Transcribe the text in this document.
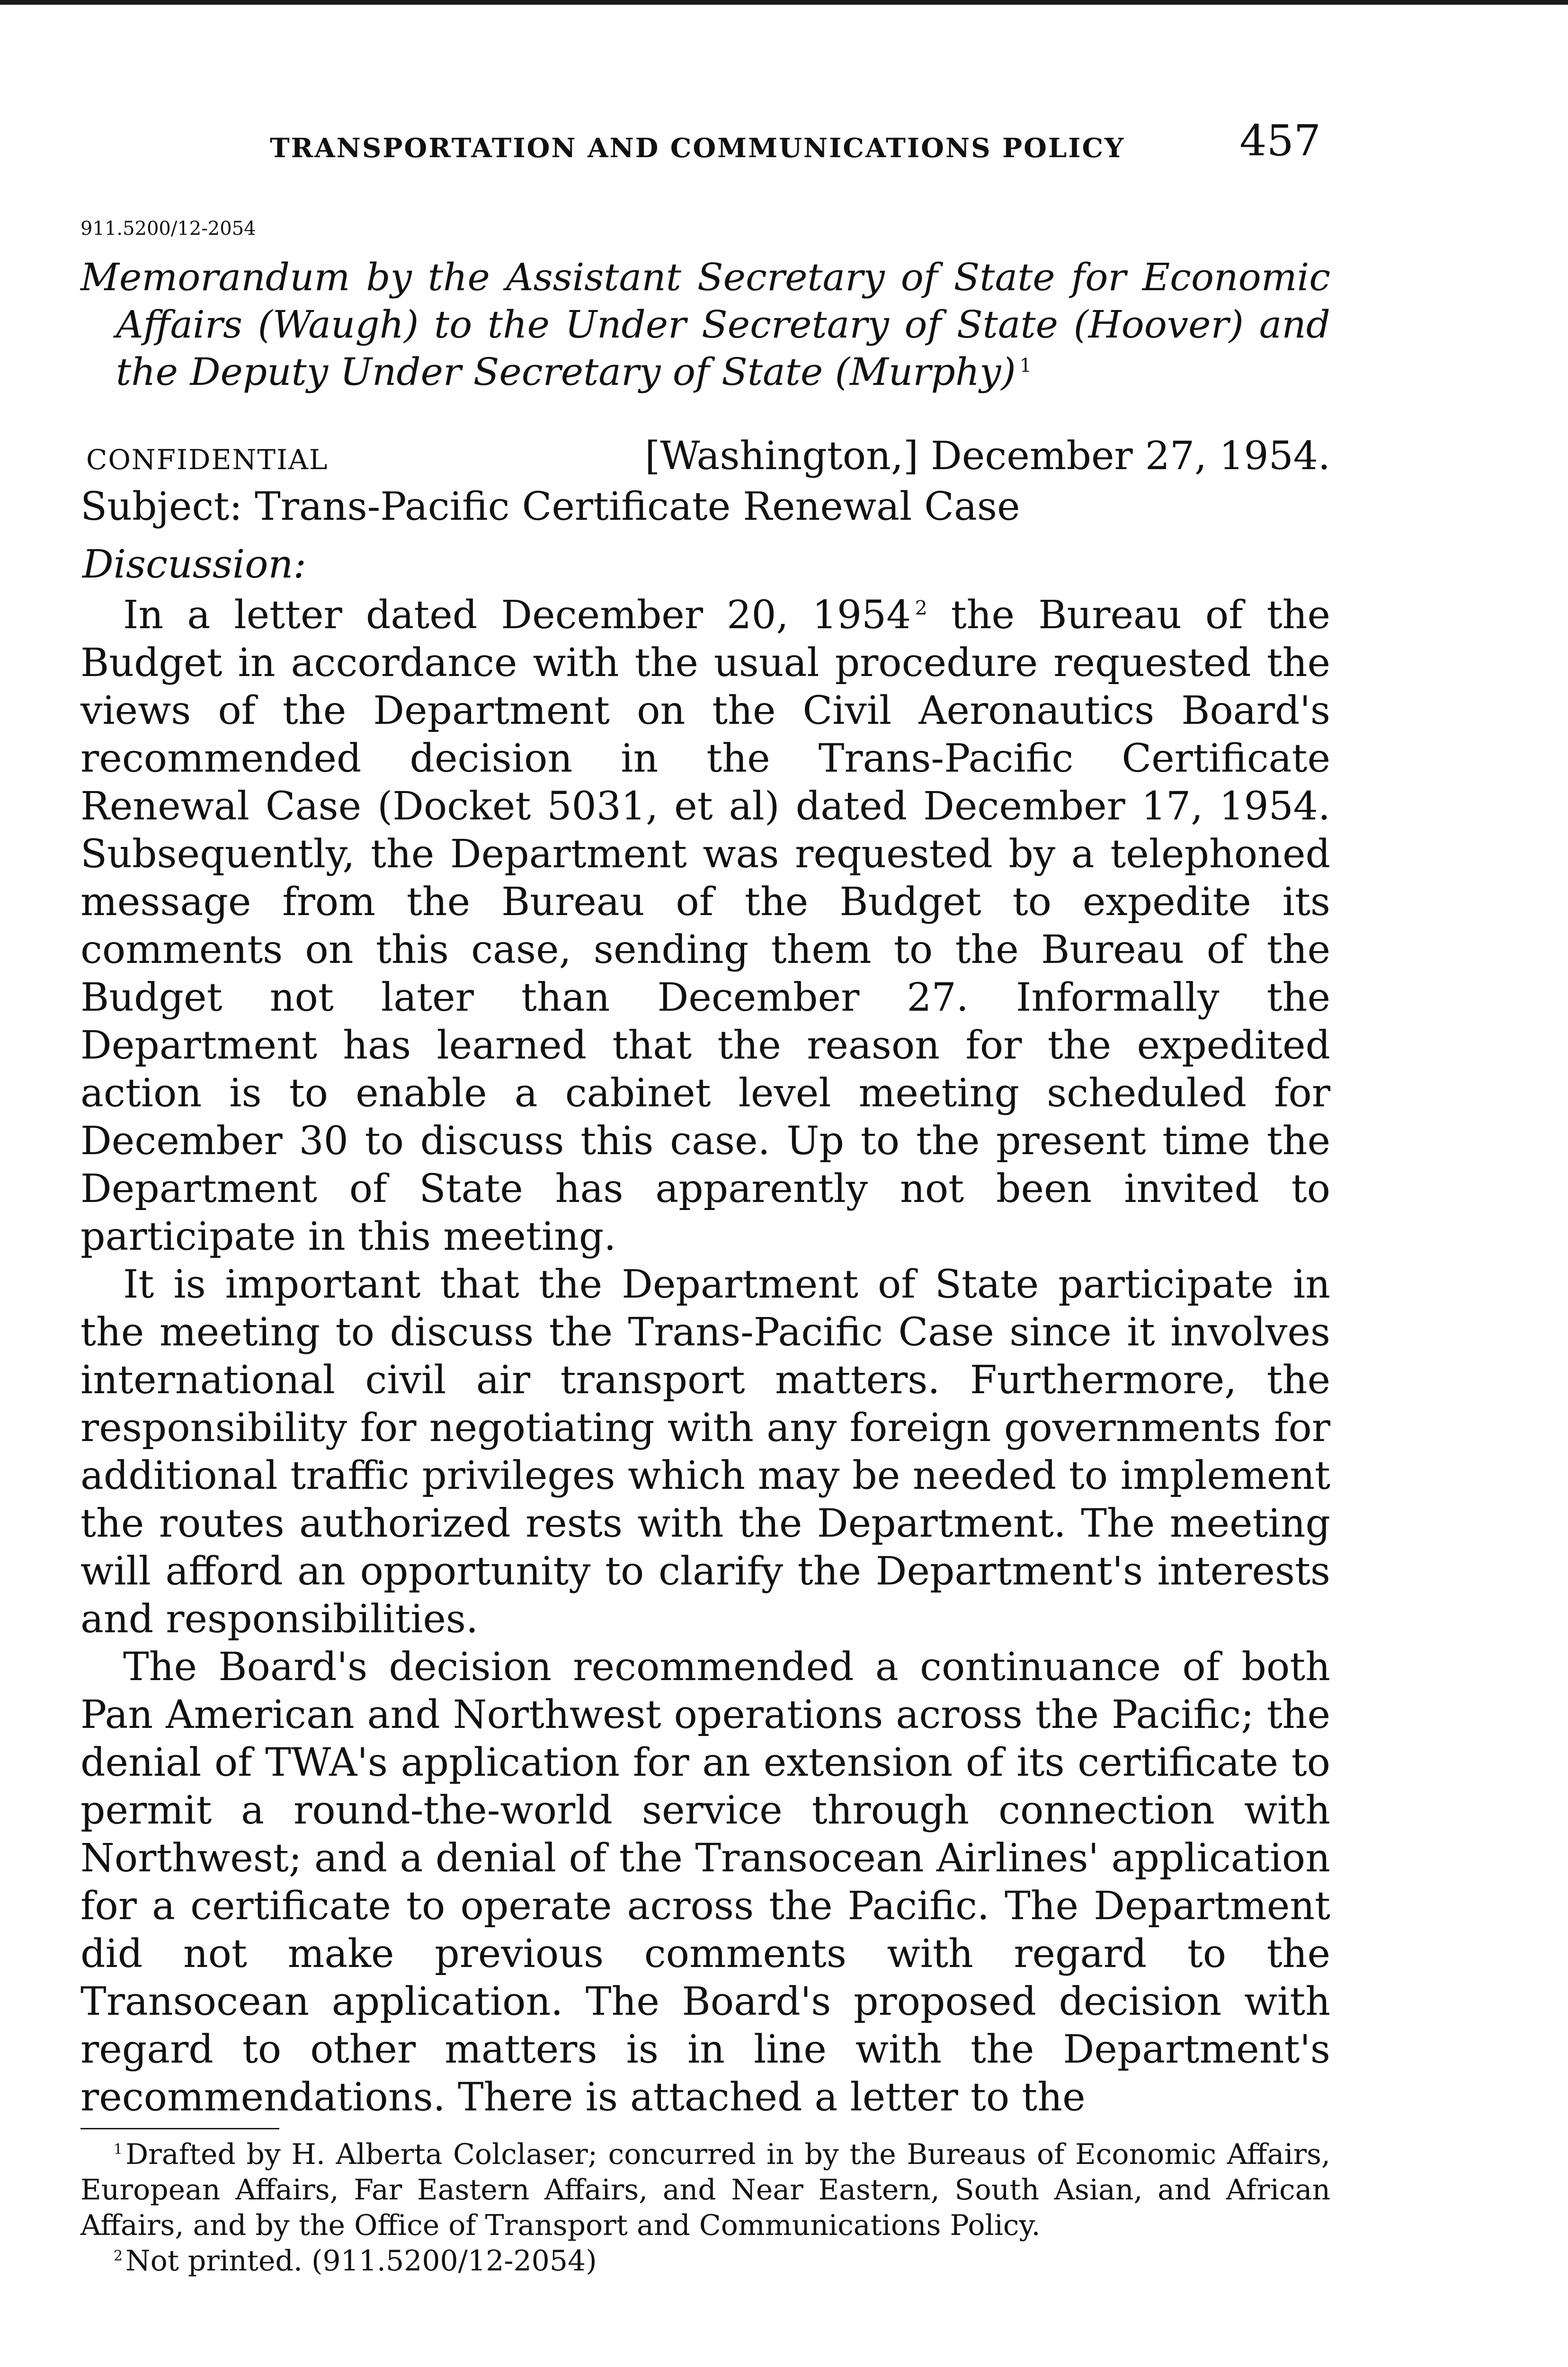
TRANSPORTATION AND COMMUNICATIONS POLICY	457
911.5200/12-2054

Memorandum by the Assistant Secretary of State for Economic Affairs (Waugh) to the Under Secretary of State (Hoover) and the Deputy Under Secretary of State (Murphy)  $^1$

CONFIDENTIAL	[Washington,] December 27, 1954.

Subject: Trans-Pacific Certificate Renewal Case

Discussion:

In a letter dated December 20, 1954  $^2$ the Bureau of the Budget in accordance with the usual procedure requested the views of the Department on the Civil Aeronautics Board's recommended decision in the Trans-Pacific Certificate Renewal Case (Docket 5031, et al) dated December 17, 1954. Subsequently, the Department was requested by a telephoned message from the Bureau of the Budget to expedite its comments on this case, sending them to the Bureau of the Budget not later than December 27. Informally the Department has learned that the reason for the expedited action is to enable a cabinet level meeting scheduled for December 30 to discuss this case. Up to the present time the Department of State has apparently not been invited to participate in this meeting.

It is important that the Department of State participate in the meeting to discuss the Trans-Pacific Case since it involves international civil air transport matters. Furthermore, the responsibility for negotiating with any foreign governments for additional traffic privileges which may be needed to implement the routes authorized rests with the Department. The meeting will afford an opportunity to clarify the Department's interests and responsibilities.

The Board's decision recommended a continuance of both Pan American and Northwest operations across the Pacific; the denial of TWA's application for an extension of its certificate to permit a round-the-world service through connection with Northwest; and a denial of the Transocean Airlines' application for a certificate to operate across the Pacific. The Department did not make previous comments with regard to the Transocean application. The Board's proposed decision with regard to other matters is in line with the Department's recommendations. There is attached a letter to the

$^1$ Drafted by H. Alberta Colclaser; concurred in by the Bureaus of Economic Affairs, European Affairs, Far Eastern Affairs, and Near Eastern, South Asian, and African Affairs, and by the Office of Transport and Communications Policy.

$^2$ Not printed. (911.5200/12-2054)
